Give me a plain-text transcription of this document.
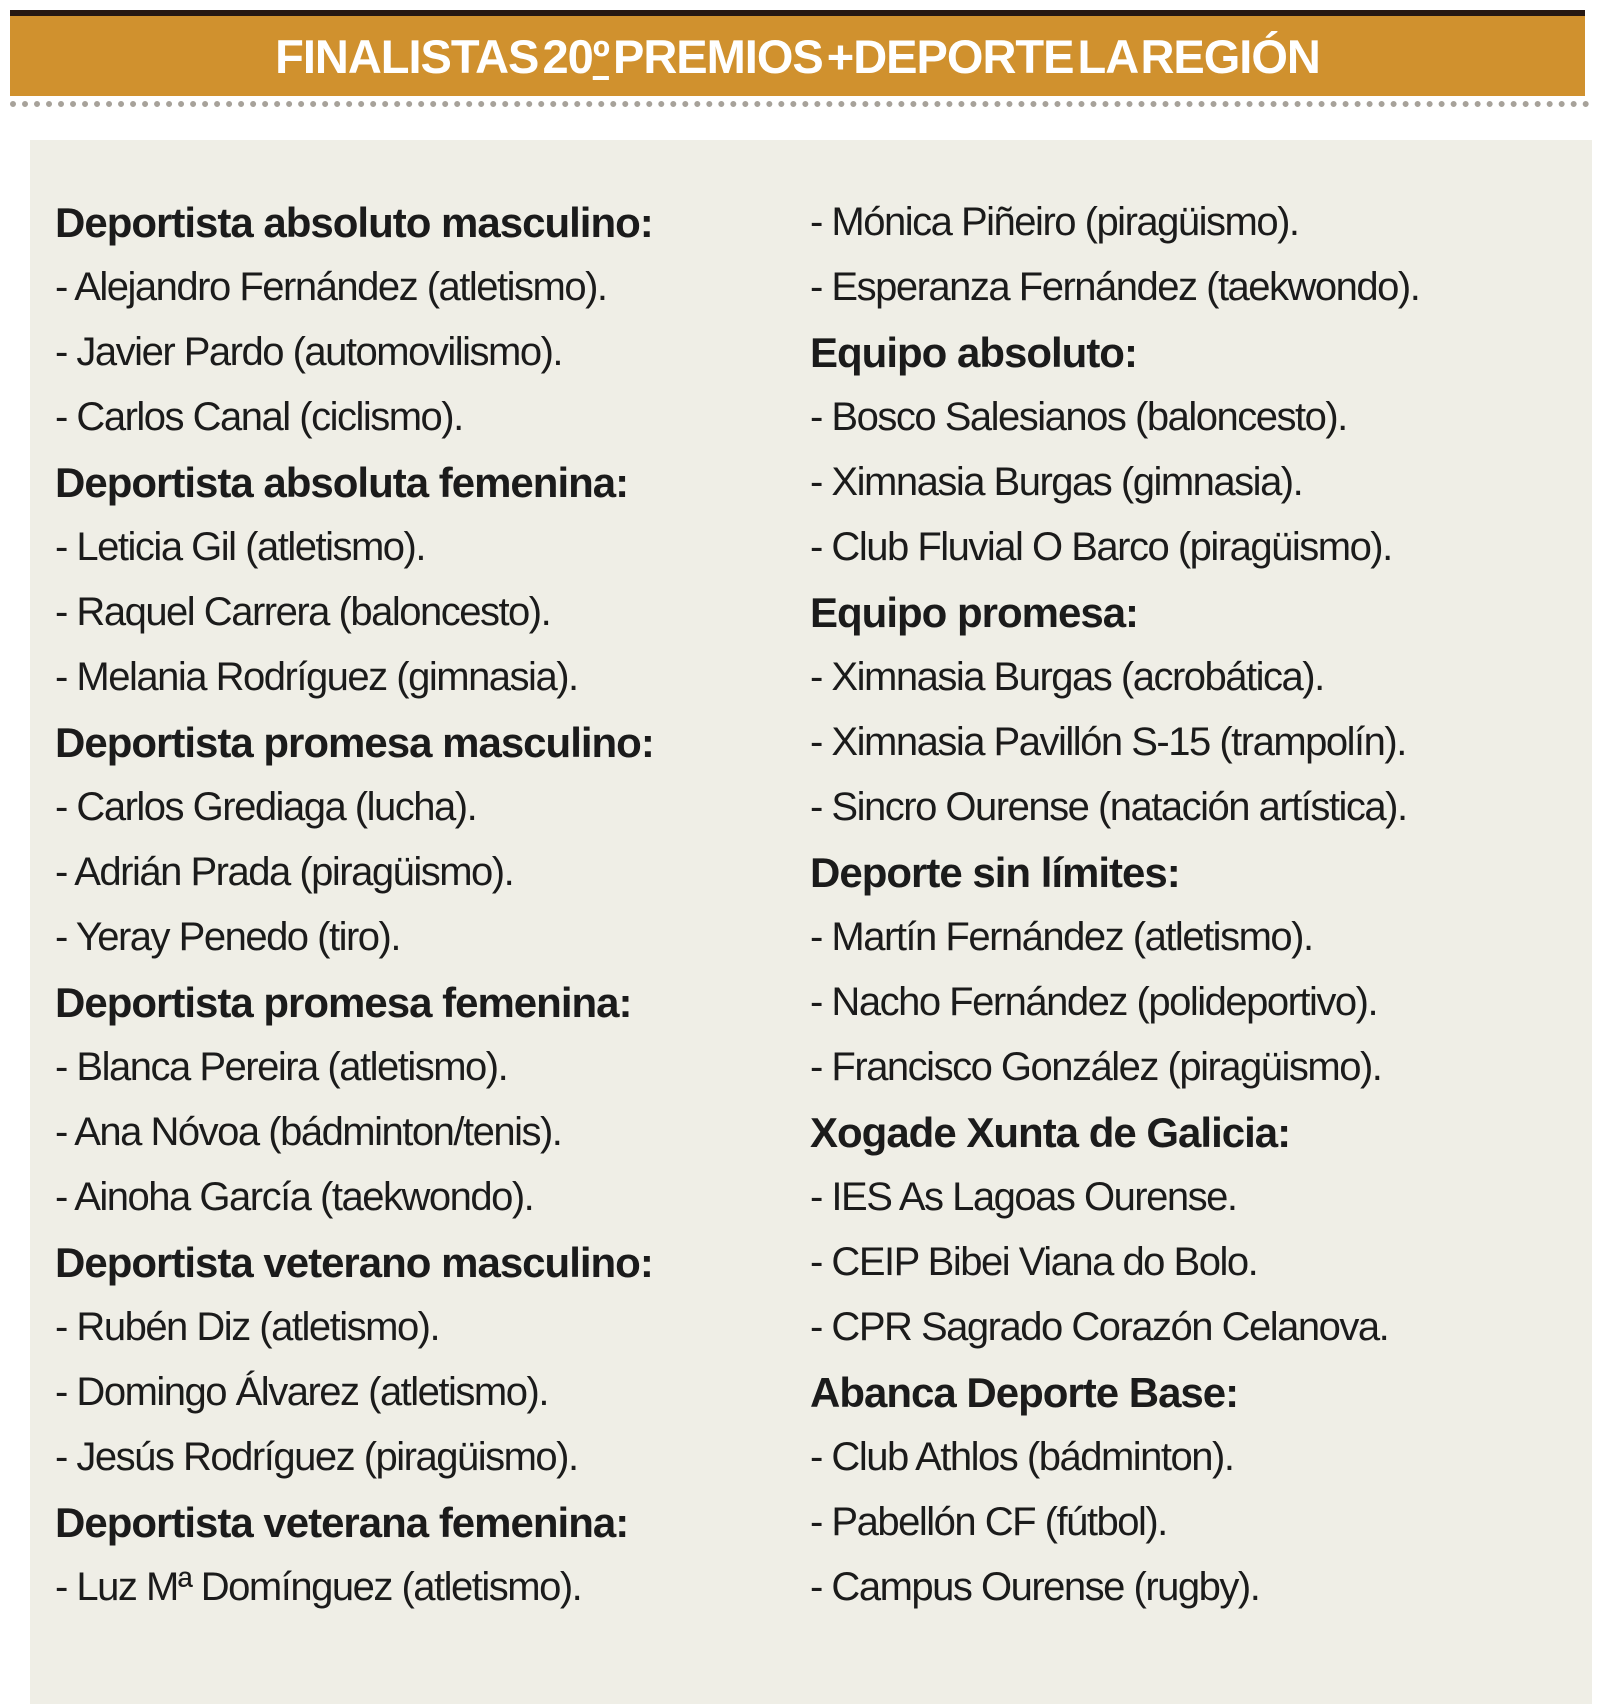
FINALISTAS 20º PREMIOS +DEPORTE LA REGIÓN
Deportista absoluto masculino:
- Alejandro Fernández (atletismo).
- Javier Pardo (automovilismo).
- Carlos Canal (ciclismo).
Deportista absoluta femenina:
- Leticia Gil (atletismo).
- Raquel Carrera (baloncesto).
- Melania Rodríguez (gimnasia).
Deportista promesa masculino:
- Carlos Grediaga (lucha).
- Adrián Prada (piragüismo).
- Yeray Penedo (tiro).
Deportista promesa femenina:
- Blanca Pereira (atletismo).
- Ana Nóvoa (bádminton/tenis).
- Ainoha García (taekwondo).
Deportista veterano masculino:
- Rubén Diz (atletismo).
- Domingo Álvarez (atletismo).
- Jesús Rodríguez (piragüismo).
Deportista veterana femenina:
- Luz Mª Domínguez (atletismo).
- Mónica Piñeiro (piragüismo).
- Esperanza Fernández (taekwondo).
Equipo absoluto:
- Bosco Salesianos (baloncesto).
- Ximnasia Burgas (gimnasia).
- Club Fluvial O Barco (piragüismo).
Equipo promesa:
- Ximnasia Burgas (acrobática).
- Ximnasia Pavillón S-15 (trampolín).
- Sincro Ourense (natación artística).
Deporte sin límites:
- Martín Fernández (atletismo).
- Nacho Fernández (polideportivo).
- Francisco González (piragüismo).
Xogade Xunta de Galicia:
- IES As Lagoas Ourense.
- CEIP Bibei Viana do Bolo.
- CPR Sagrado Corazón Celanova.
Abanca Deporte Base:
- Club Athlos (bádminton).
- Pabellón CF (fútbol).
- Campus Ourense (rugby).
